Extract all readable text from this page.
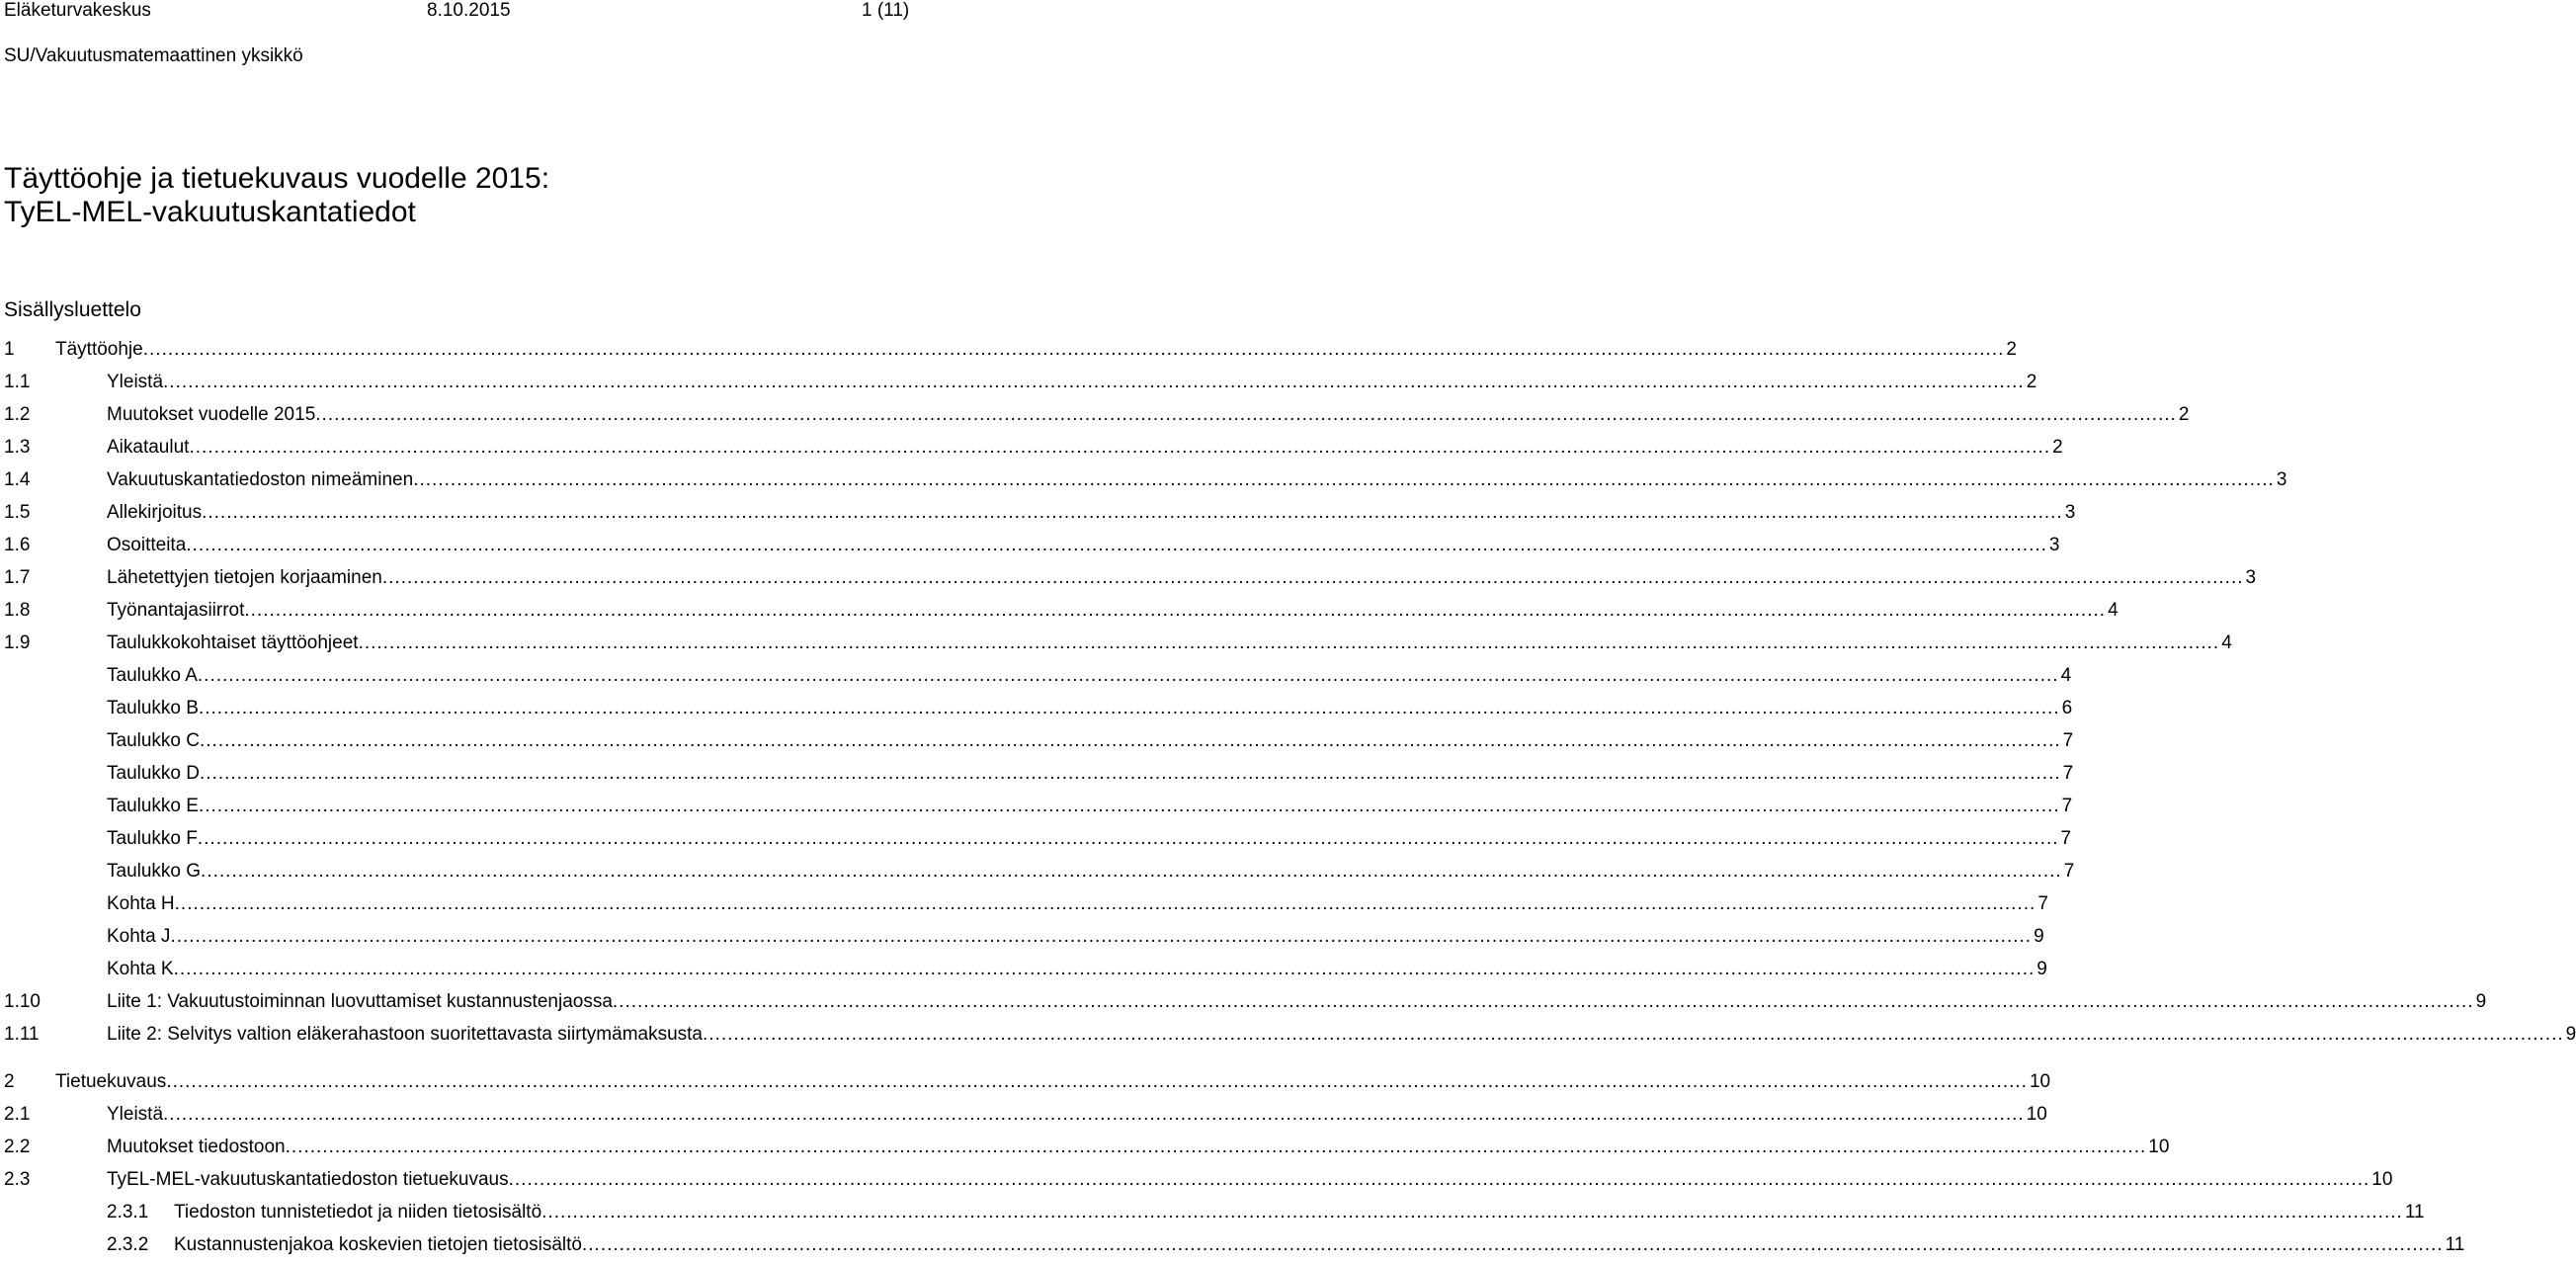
Eläketurvakeskus	8.10.2015	1 (11)
SU/Vakuutusmatemaattinen yksikkö
Täyttöohje ja tietuekuvaus vuodelle 2015:
TyEL-MEL-vakuutuskantatiedot
Sisällysluettelo
1 Täyttöohje ............................................................................................................................................................................................................................................................................................................ 2
1.1	Yleistä ............................................................................................................................................................................................................................................................................................................ 2
1.2	Muutokset vuodelle 2015 ............................................................................................................................................................................................................................................................................................................ 2
1.3	Aikataulut ............................................................................................................................................................................................................................................................................................................ 2
1.4	Vakuutuskantatiedoston nimeäminen ............................................................................................................................................................................................................................................................................................................ 3
1.5	Allekirjoitus ............................................................................................................................................................................................................................................................................................................ 3
1.6	Osoitteita ............................................................................................................................................................................................................................................................................................................ 3
1.7	Lähetettyjen tietojen korjaaminen ............................................................................................................................................................................................................................................................................................................ 3
1.8	Työnantajasiirrot ............................................................................................................................................................................................................................................................................................................ 4
1.9	Taulukkokohtaiset täyttöohjeet ............................................................................................................................................................................................................................................................................................................ 4
Taulukko A ............................................................................................................................................................................................................................................................................................................ 4
Taulukko B ............................................................................................................................................................................................................................................................................................................ 6
Taulukko C ............................................................................................................................................................................................................................................................................................................ 7
Taulukko D ............................................................................................................................................................................................................................................................................................................ 7
Taulukko E ............................................................................................................................................................................................................................................................................................................ 7
Taulukko F ............................................................................................................................................................................................................................................................................................................ 7
Taulukko G ............................................................................................................................................................................................................................................................................................................ 7
Kohta H ............................................................................................................................................................................................................................................................................................................ 7
Kohta J ............................................................................................................................................................................................................................................................................................................ 9
Kohta K ............................................................................................................................................................................................................................................................................................................ 9
1.10	Liite 1: Vakuutustoiminnan luovuttamiset kustannustenjaossa ............................................................................................................................................................................................................................................................................................................ 9
1.11	Liite 2: Selvitys valtion eläkerahastoon suoritettavasta siirtymämaksusta ............................................................................................................................................................................................................................................................................................................ 9
2 Tietuekuvaus ............................................................................................................................................................................................................................................................................................................ 10
2.1	Yleistä ............................................................................................................................................................................................................................................................................................................ 10
2.2	Muutokset tiedostoon ............................................................................................................................................................................................................................................................................................................ 10
2.3	TyEL-MEL-vakuutuskantatiedoston tietuekuvaus ............................................................................................................................................................................................................................................................................................................ 10
2.3.1 Tiedoston tunnistetiedot ja niiden tietosisältö ............................................................................................................................................................................................................................................................................................................ 11
2.3.2 Kustannustenjakoa koskevien tietojen tietosisältö ............................................................................................................................................................................................................................................................................................................ 11
